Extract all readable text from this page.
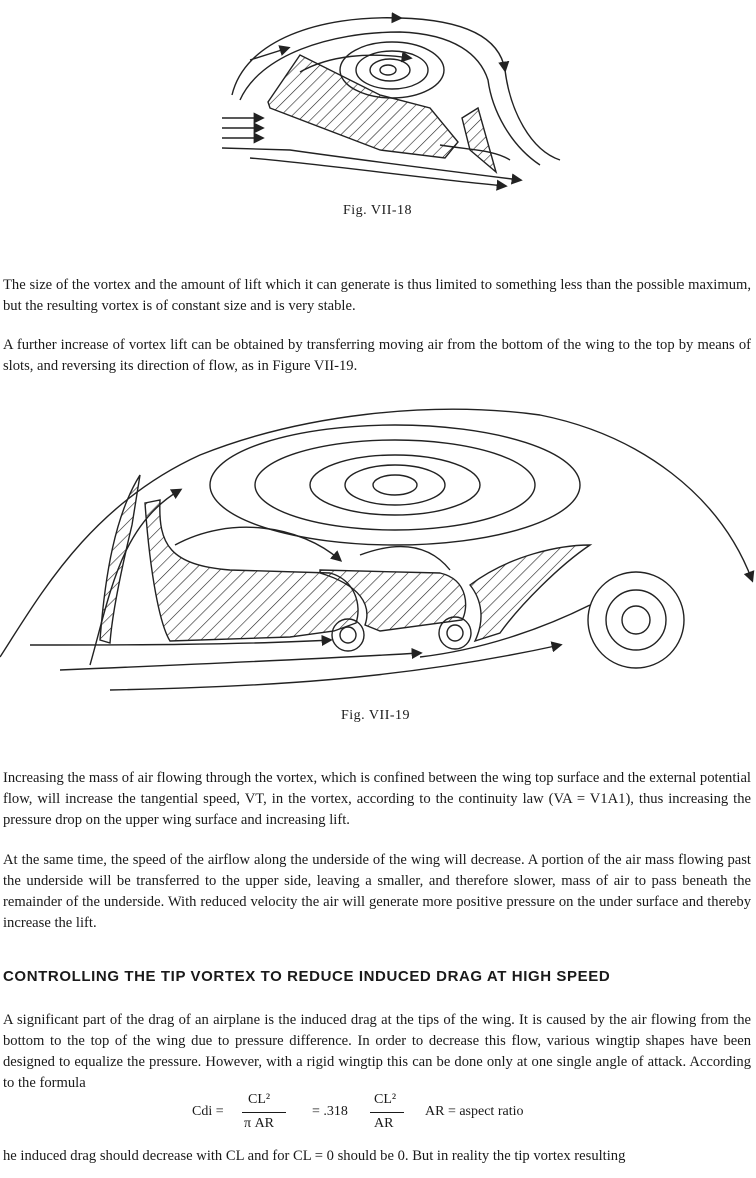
Fig. VII-18
The size of the vortex and the amount of lift which it can generate is thus limited to something less than the possible maximum, but the resulting vortex is of constant size and is very stable.
A further increase of vortex lift can be obtained by transferring moving air from the bottom of the wing to the top by means of slots, and reversing its direction of flow, as in Figure VII-19.
Fig. VII-19
Increasing the mass of air flowing through the vortex, which is confined between the wing top surface and the external potential flow, will increase the tangential speed, VT, in the vortex, according to the continuity law (VA = V1A1), thus increasing the pressure drop on the upper wing surface and increasing lift.
At the same time, the speed of the airflow along the underside of the wing will decrease. A portion of the air mass flowing past the underside will be transferred to the upper side, leaving a smaller, and therefore slower, mass of air to pass beneath the remainder of the underside. With reduced velocity the air will generate more positive pressure on the under surface and thereby increase the lift.
CONTROLLING THE TIP VORTEX TO REDUCE INDUCED DRAG AT HIGH SPEED
A significant part of the drag of an airplane is the induced drag at the tips of the wing. It is caused by the air flowing from the bottom to the top of the wing due to pressure difference. In order to decrease this flow, various wingtip shapes have been designed to equalize the pressure. However, with a rigid wingtip this can be done only at one single angle of attack. According to the formula
Cdi =
CL²
π AR
= .318
CL²
AR
AR = aspect ratio
he induced drag should decrease with CL and for CL = 0 should be 0. But in reality the tip vortex resulting
